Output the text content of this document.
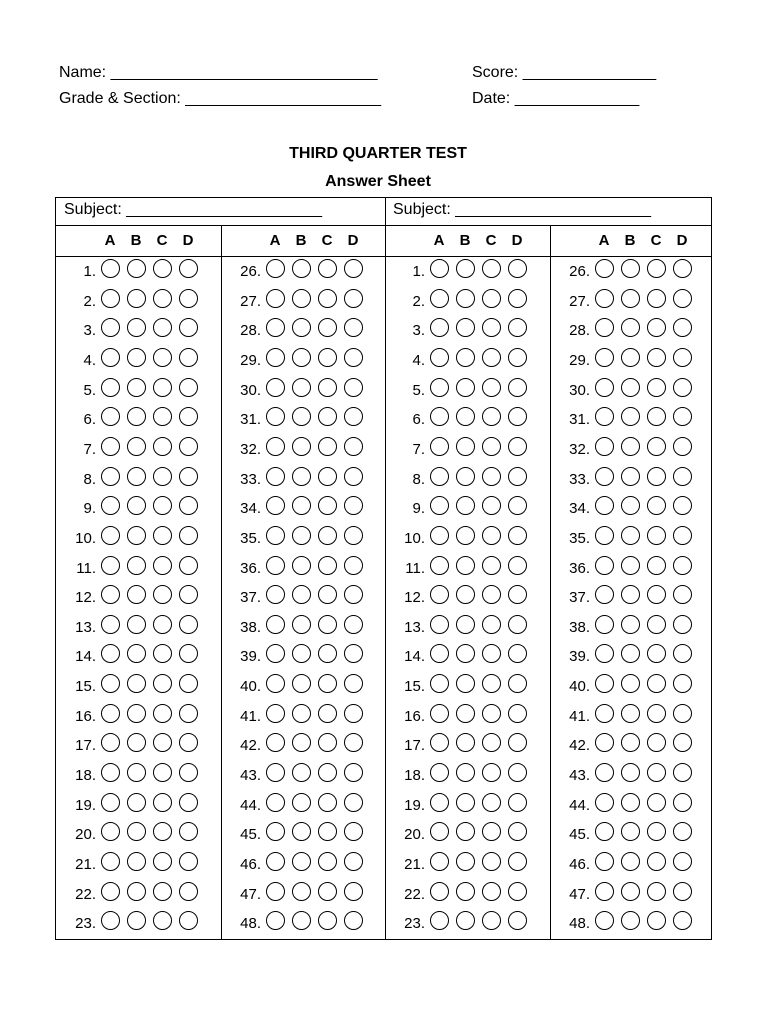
Name: ______________________________	Score: _______________
Grade & Section: ______________________	Date: ______________
THIRD QUARTER TEST
Answer Sheet
Subject: ______________________	Subject: ______________________
A B C D
1.
2.
3.
4.
5.
6.
7.
8.
9.
10.
11.
12.
13.
14.
15.
16.
17.
18.
19.
20.
21.
22.
23.
A B C D
26.
27.
28.
29.
30.
31.
32.
33.
34.
35.
36.
37.
38.
39.
40.
41.
42.
43.
44.
45.
46.
47.
48.
A B C D
1.
2.
3.
4.
5.
6.
7.
8.
9.
10.
11.
12.
13.
14.
15.
16.
17.
18.
19.
20.
21.
22.
23.
A B C D
26.
27.
28.
29.
30.
31.
32.
33.
34.
35.
36.
37.
38.
39.
40.
41.
42.
43.
44.
45.
46.
47.
48.
